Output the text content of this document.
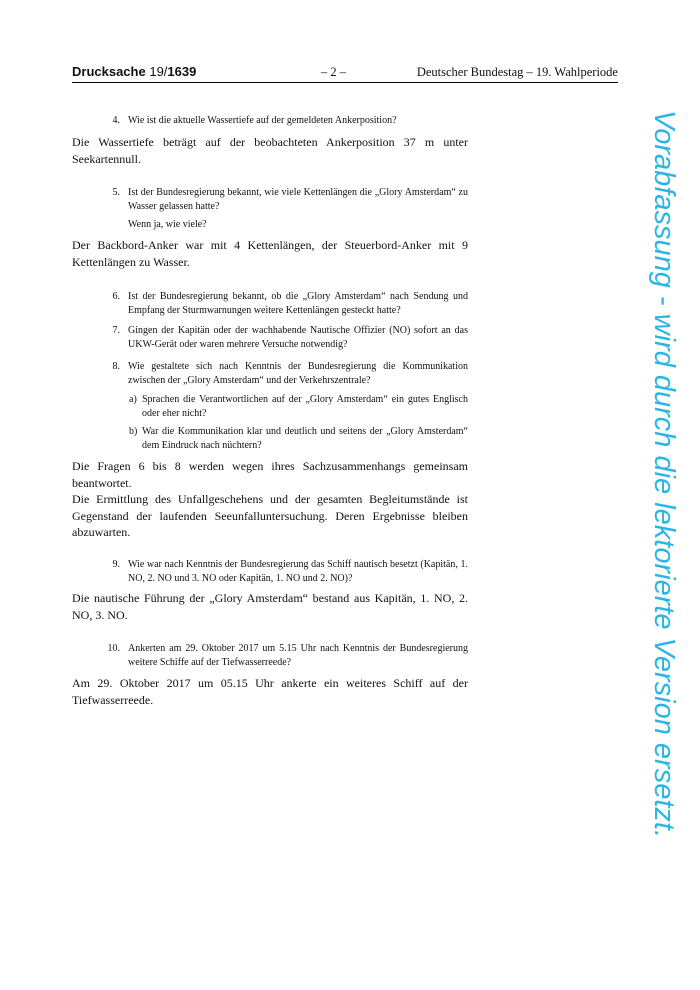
Drucksache 19/1639	– 2 –	Deutscher Bundestag – 19. Wahlperiode
4. Wie ist die aktuelle Wassertiefe auf der gemeldeten Ankerposition?
Die Wassertiefe beträgt auf der beobachteten Ankerposition 37 m unter Seekartennull.
5. Ist der Bundesregierung bekannt, wie viele Kettenlängen die „Glory Amsterdam“ zu Wasser gelassen hatte?
Wenn ja, wie viele?
Der Backbord-Anker war mit 4 Kettenlängen, der Steuerbord-Anker mit 9 Kettenlängen zu Wasser.
6. Ist der Bundesregierung bekannt, ob die „Glory Amsterdam“ nach Sendung und Empfang der Sturmwarnungen weitere Kettenlängen gesteckt hatte?
7. Gingen der Kapitän oder der wachhabende Nautische Offizier (NO) sofort an das UKW-Gerät oder waren mehrere Versuche notwendig?
8. Wie gestaltete sich nach Kenntnis der Bundesregierung die Kommunikation zwischen der „Glory Amsterdam“ und der Verkehrszentrale?
a) Sprachen die Verantwortlichen auf der „Glory Amsterdam“ ein gutes Englisch oder eher nicht?
b) War die Kommunikation klar und deutlich und seitens der „Glory Amsterdam“ dem Eindruck nach nüchtern?
Die Fragen 6 bis 8 werden wegen ihres Sachzusammenhangs gemeinsam beantwortet.
Die Ermittlung des Unfallgeschehens und der gesamten Begleitumstände ist Gegenstand der laufenden Seeunfalluntersuchung. Deren Ergebnisse bleiben abzuwarten.
9. Wie war nach Kenntnis der Bundesregierung das Schiff nautisch besetzt (Kapitän, 1. NO, 2. NO und 3. NO oder Kapitän, 1. NO und 2. NO)?
Die nautische Führung der „Glory Amsterdam“ bestand aus Kapitän, 1. NO, 2. NO, 3. NO.
10. Ankerten am 29. Oktober 2017 um 5.15 Uhr nach Kenntnis der Bundesregierung weitere Schiffe auf der Tiefwasserreede?
Am 29. Oktober 2017 um 05.15 Uhr ankerte ein weiteres Schiff auf der Tiefwasserreede.	Vorabfassung - wird durch die lektorierte Version ersetzt.
